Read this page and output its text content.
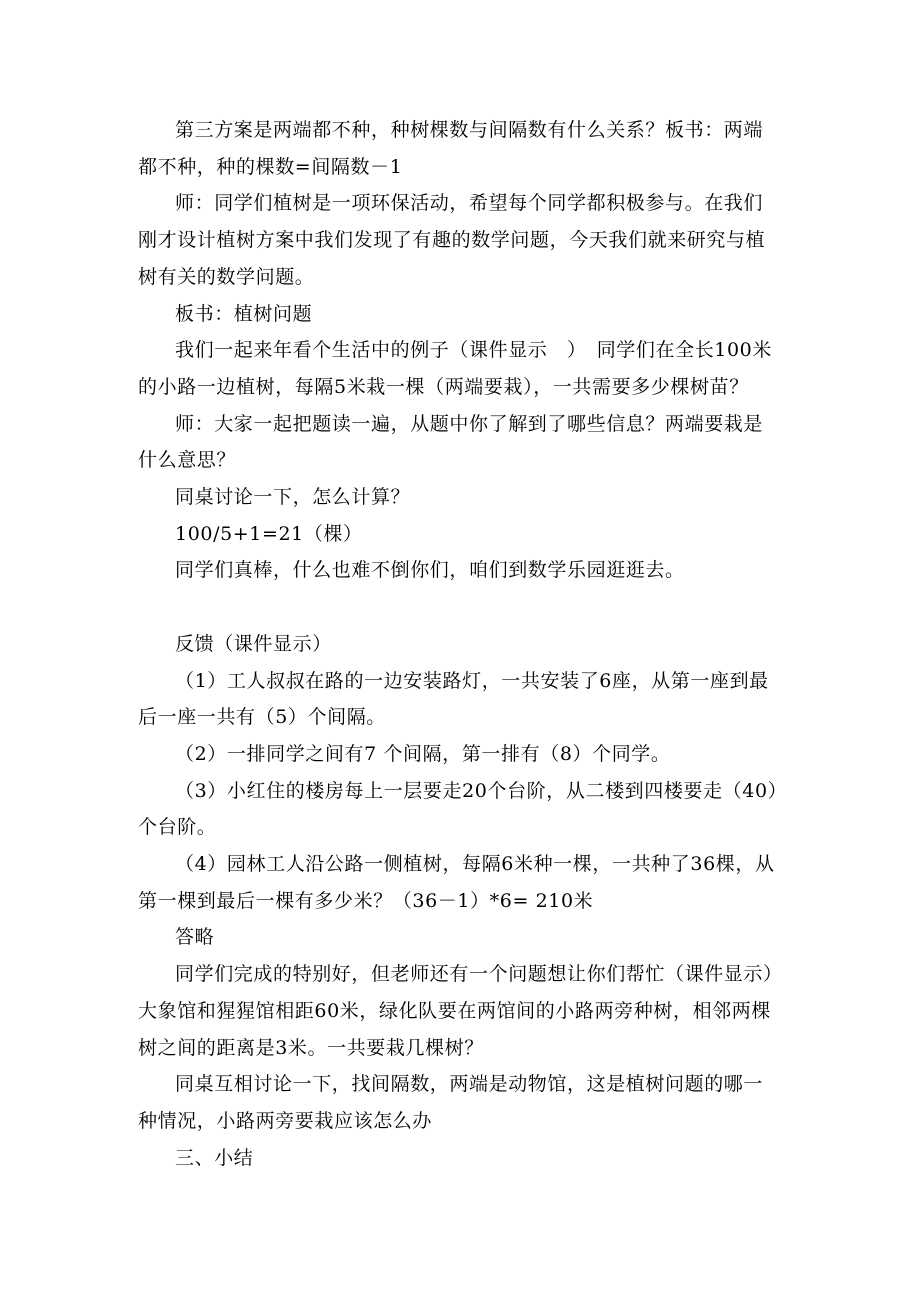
第三方案是两端都不种，种树棵数与间隔数有什么关系？板书：两端都不种，种的棵数=间隔数－1

师：同学们植树是一项环保活动，希望每个同学都积极参与。在我们刚才设计植树方案中我们发现了有趣的数学问题，今天我们就来研究与植树有关的数学问题。

板书：植树问题

我们一起来年看个生活中的例子（课件显示　）　同学们在全长100米的小路一边植树，每隔5米栽一棵（两端要栽），一共需要多少棵树苗？

师：大家一起把题读一遍，从题中你了解到了哪些信息？两端要栽是什么意思？

同桌讨论一下，怎么计算？

100/5+1=21（棵）

同学们真棒，什么也难不倒你们，咱们到数学乐园逛逛去。

反馈（课件显示）

（1）工人叔叔在路的一边安装路灯，一共安装了6座，从第一座到最后一座一共有（5）个间隔。

（2）一排同学之间有7 个间隔，第一排有（8）个同学。

（3）小红住的楼房每上一层要走20个台阶，从二楼到四楼要走（40）个台阶。

（4）园林工人沿公路一侧植树，每隔6米种一棵，一共种了36棵，从第一棵到最后一棵有多少米？（36－1）*6= 210米

答略

同学们完成的特别好，但老师还有一个问题想让你们帮忙（课件显示）大象馆和猩猩馆相距60米，绿化队要在两馆间的小路两旁种树，相邻两棵树之间的距离是3米。一共要栽几棵树？

同桌互相讨论一下，找间隔数，两端是动物馆，这是植树问题的哪一种情况，小路两旁要栽应该怎么办

三、小结
